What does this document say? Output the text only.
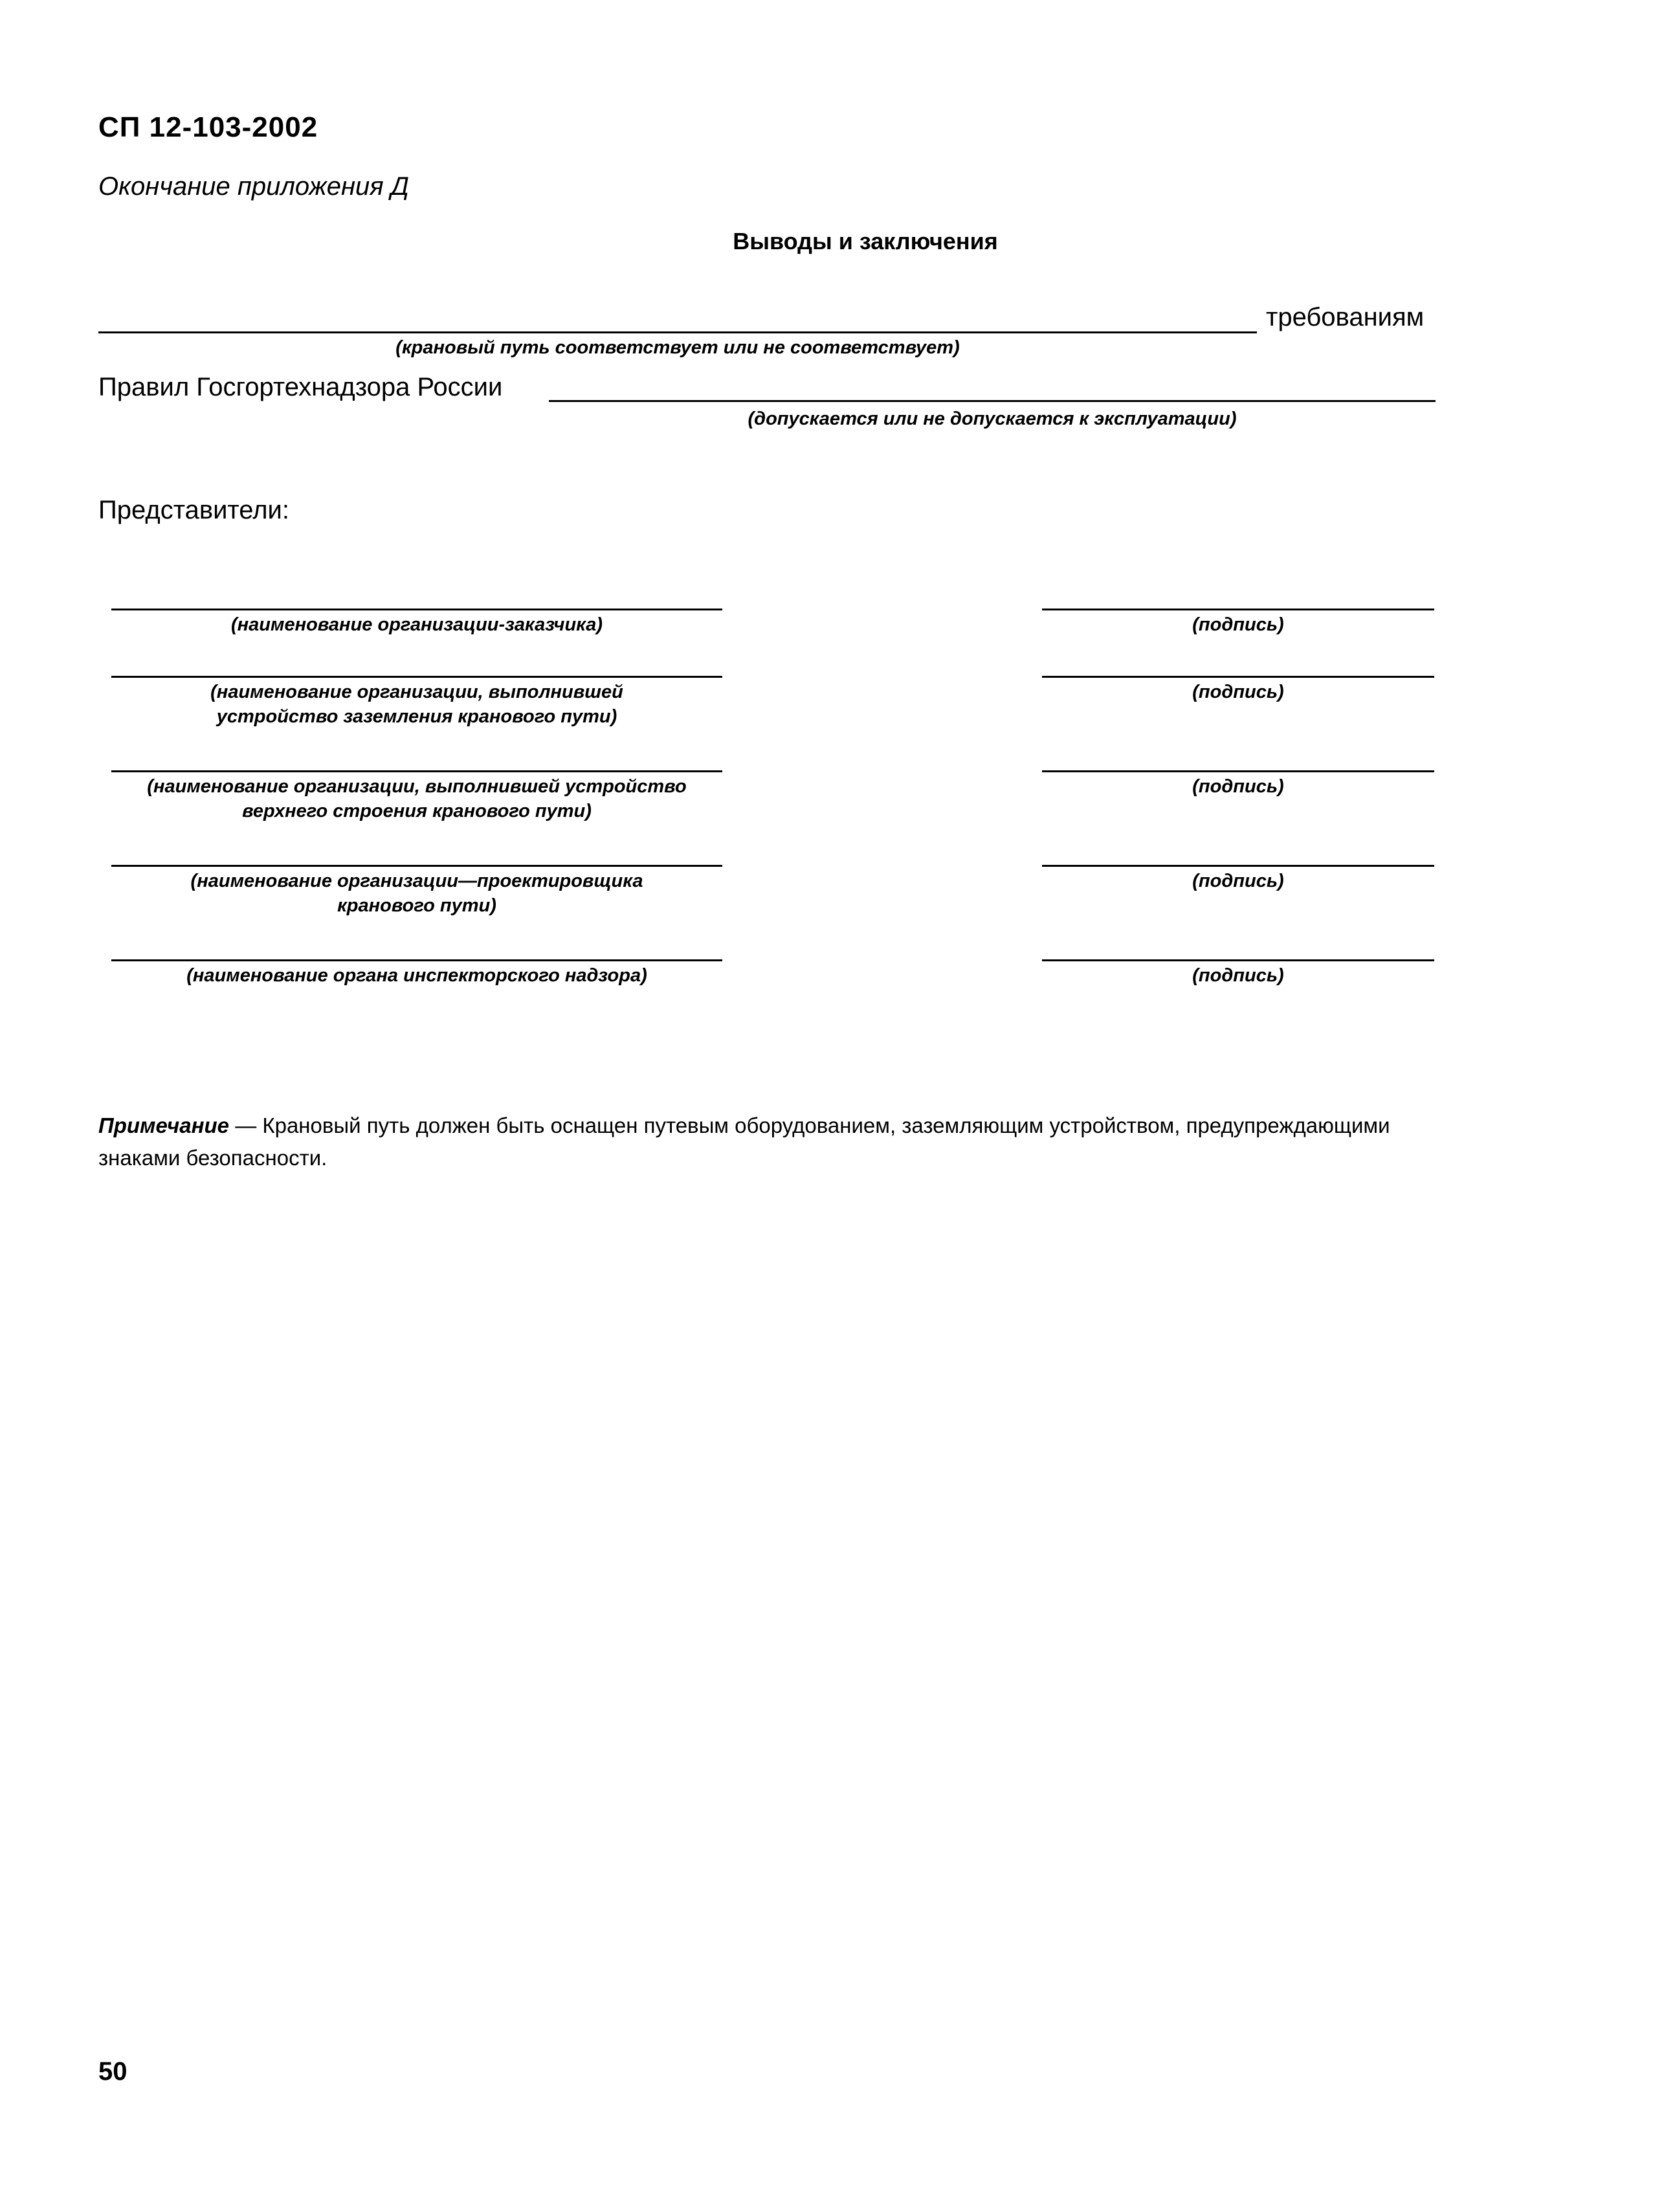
СП 12-103-2002
Окончание приложения Д
Выводы и заключения
требованиям
(крановый путь соответствует или не соответствует)
Правил Госгортехнадзора России
(допускается или не допускается к эксплуатации)
Представители:
(наименование организации-заказчика)	(подпись)
(наименование организации, выполнившей устройство заземления кранового пути)
(подпись)
(наименование организации, выполнившей устройство верхнего строения кранового пути)
(подпись)
(наименование организации—проектировщика кранового пути)
(подпись)
(наименование органа инспекторского надзора)	(подпись)
Примечание — Крановый путь должен быть оснащен путевым оборудованием, заземляющим устройством, предупреждающими знаками безопасности.
50
